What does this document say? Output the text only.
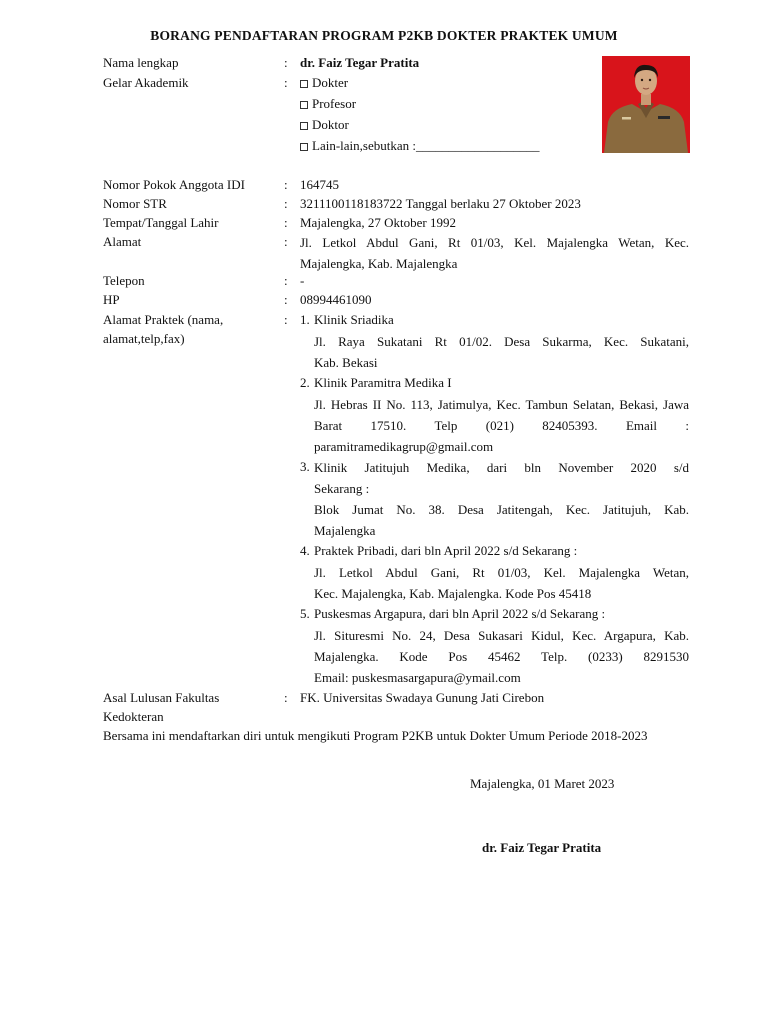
BORANG PENDAFTARAN PROGRAM P2KB DOKTER PRAKTEK UMUM
Nama lengkap	: dr. Faiz Tegar Pratita
Gelar Akademik	:	Dokter
Profesor
Doktor
Lain-lain,sebutkan :___________________
Nomor Pokok Anggota IDI	: 164745
Nomor STR	: 3211100118183722 Tanggal berlaku 27 Oktober 2023
Tempat/Tanggal Lahir	: Majalengka, 27 Oktober 1992
Alamat	: Jl. Letkol Abdul Gani, Rt 01/03, Kel. Majalengka Wetan, Kec.
Majalengka, Kab. Majalengka
Telepon	: -
HP	: 08994461090
Alamat Praktek (nama,
alamat,telp,fax)
: 1. Klinik Sriadika
Jl. Raya Sukatani Rt 01/02. Desa Sukarma, Kec. Sukatani,
Kab. Bekasi
2. Klinik Paramitra Medika I
Jl. Hebras II No. 113, Jatimulya, Kec. Tambun Selatan, Bekasi, Jawa Barat 17510. Telp (021) 82405393. Email :
paramitramedikagrup@gmail.com
3. Klinik Jatitujuh Medika, dari bln November 2020 s/d
Sekarang :
Blok Jumat No. 38. Desa Jatitengah, Kec. Jatitujuh, Kab.
Majalengka
4. Praktek Pribadi, dari bln April 2022 s/d Sekarang :
Jl. Letkol Abdul Gani, Rt 01/03, Kel. Majalengka Wetan,
Kec. Majalengka, Kab. Majalengka. Kode Pos 45418
5. Puskesmas Argapura, dari bln April 2022 s/d Sekarang :
Jl. Situresmi No. 24, Desa Sukasari Kidul, Kec. Argapura, Kab. Majalengka. Kode Pos 45462 Telp. (0233) 8291530
Email: puskesmasargapura@ymail.com
Asal Lulusan Fakultas
Kedokteran
: FK. Universitas Swadaya Gunung Jati Cirebon
Bersama ini mendaftarkan diri untuk mengikuti Program P2KB untuk Dokter Umum Periode 2018-2023
Majalengka, 01 Maret 2023
dr. Faiz Tegar Pratita
